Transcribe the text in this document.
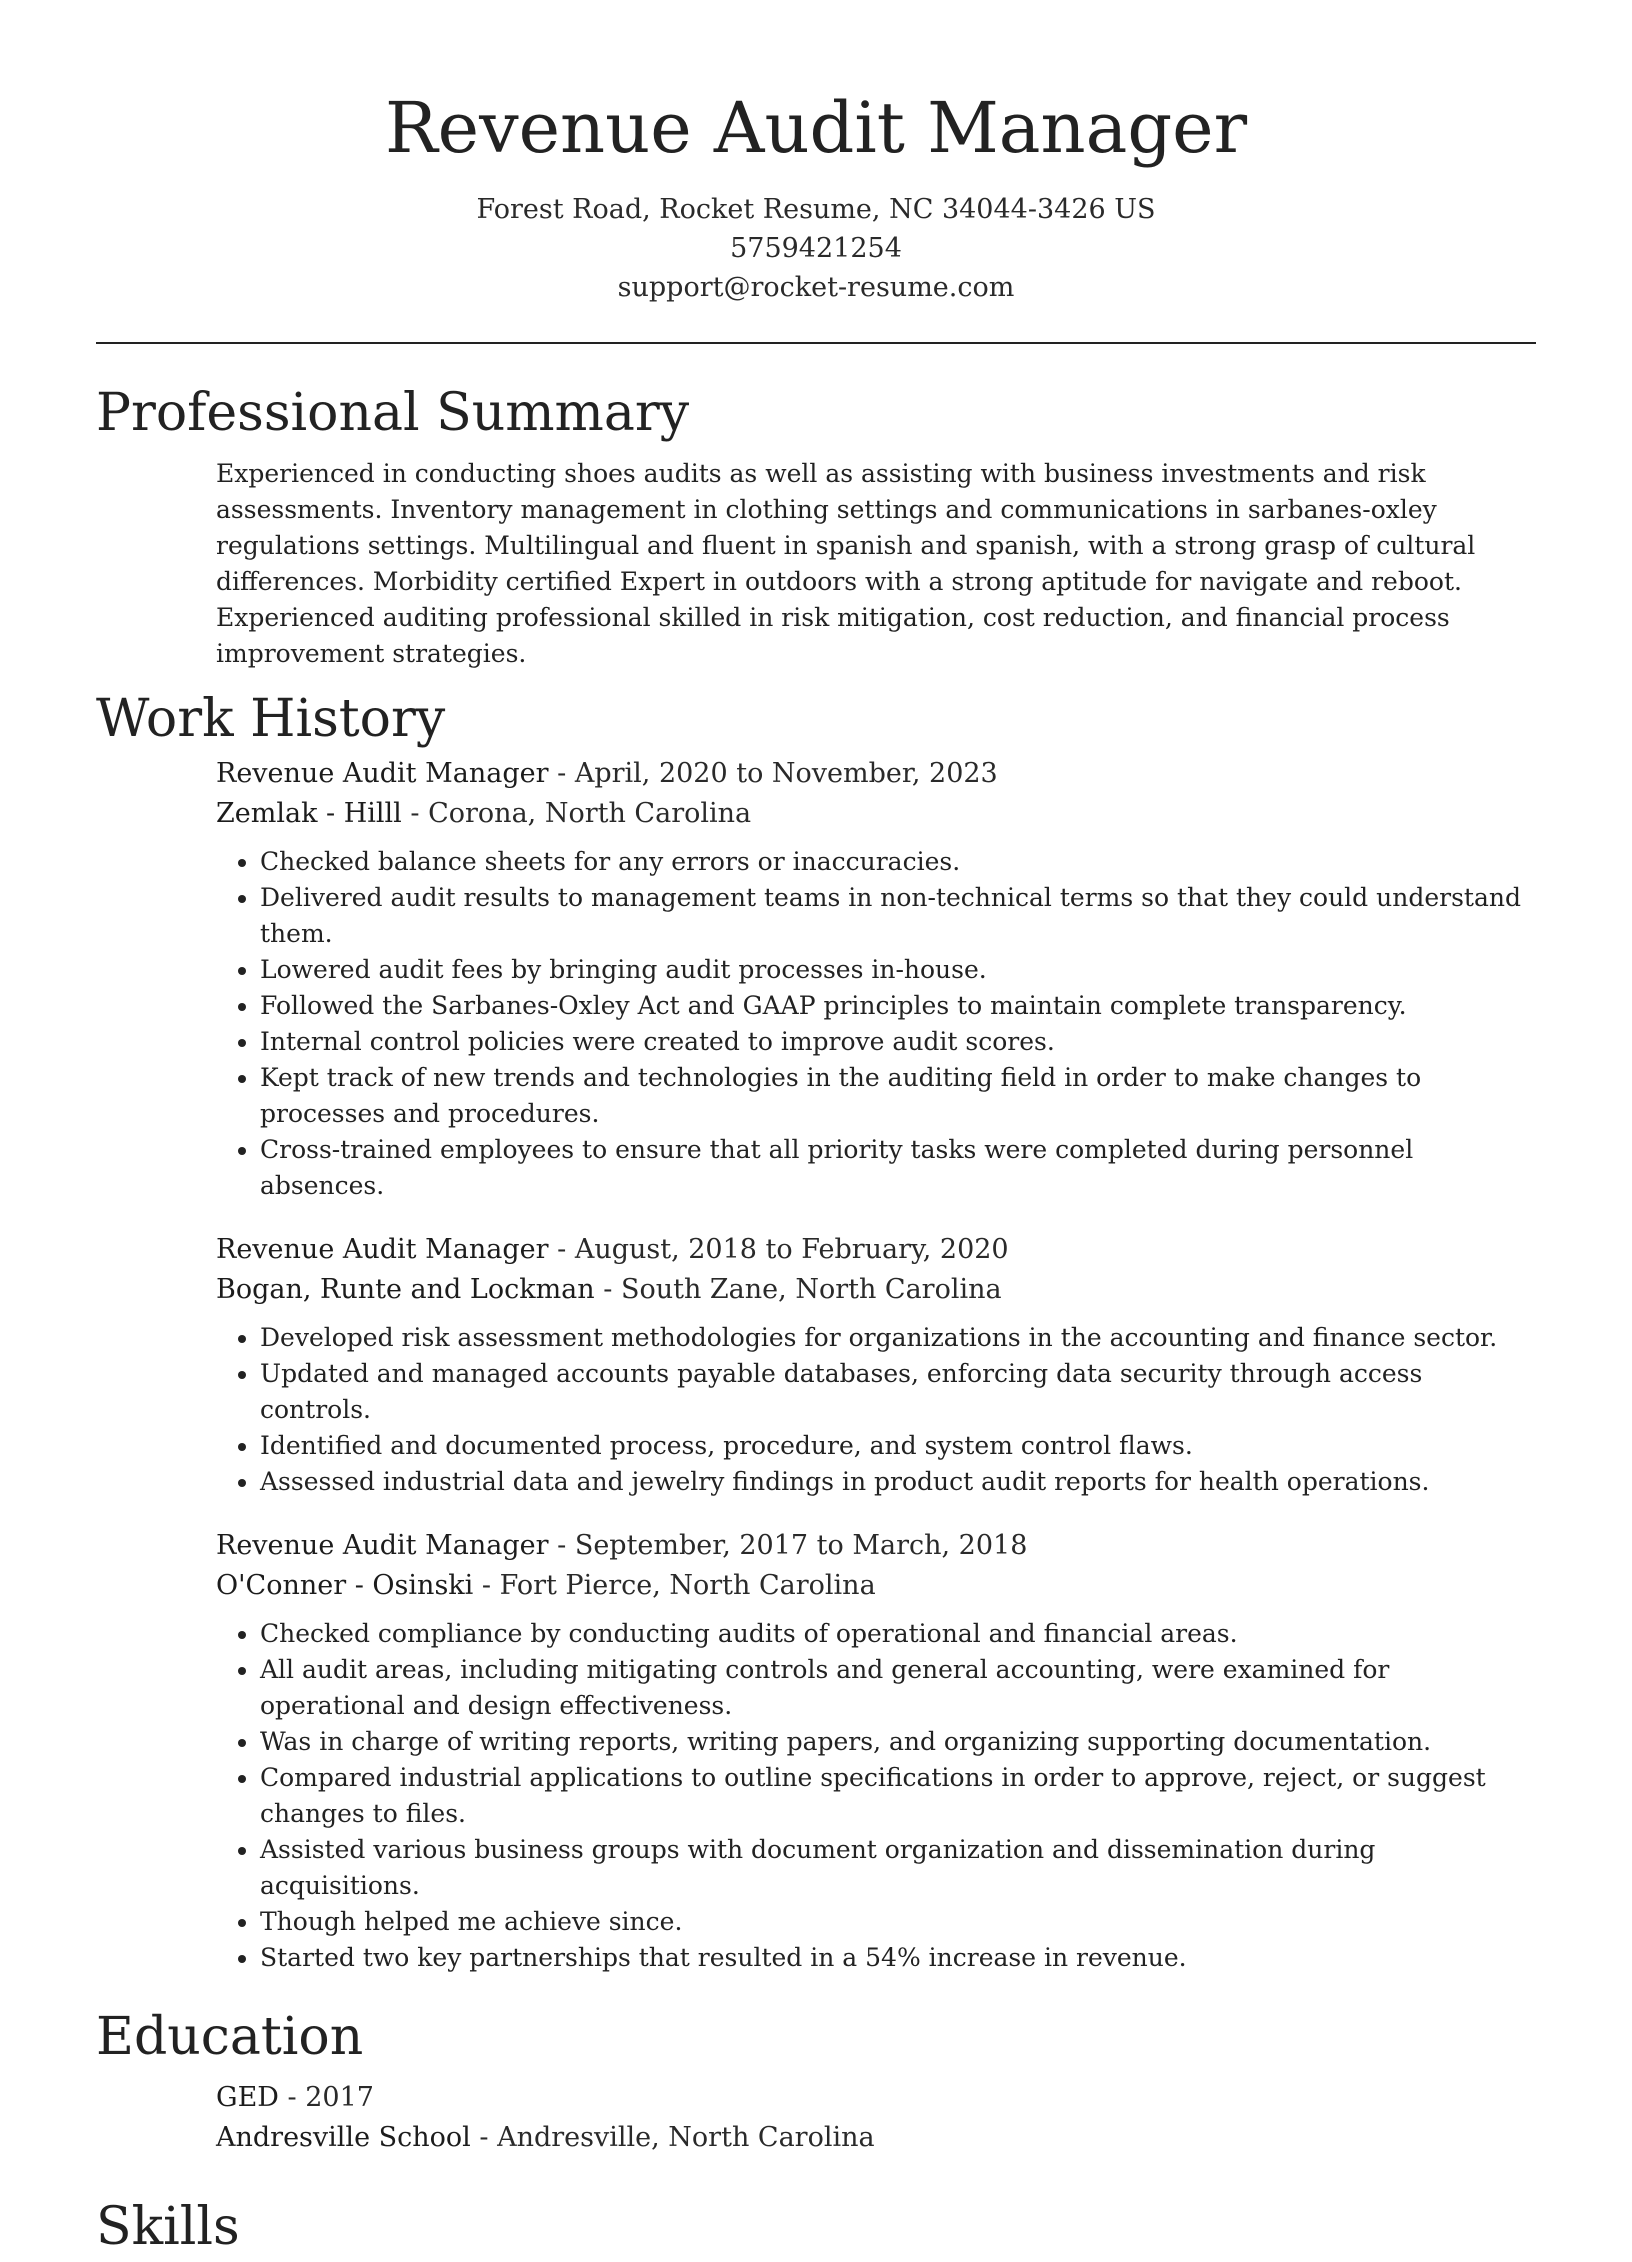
Revenue Audit Manager
Forest Road, Rocket Resume, NC 34044-3426 US
5759421254
support@rocket-resume.com
Professional Summary

Experienced in conducting shoes audits as well as assisting with business investments and risk assessments. Inventory management in clothing settings and communications in sarbanes-oxley regulations settings. Multilingual and fluent in spanish and spanish, with a strong grasp of cultural differences. Morbidity certified Expert in outdoors with a strong aptitude for navigate and reboot. Experienced auditing professional skilled in risk mitigation, cost reduction, and financial process improvement strategies.

Work History
Revenue Audit Manager - April, 2020 to November, 2023
Zemlak - Hilll - Corona, North Carolina
• Checked balance sheets for any errors or inaccuracies.
• Delivered audit results to management teams in non-technical terms so that they could understand them.
• Lowered audit fees by bringing audit processes in-house.
• Followed the Sarbanes-Oxley Act and GAAP principles to maintain complete transparency.
• Internal control policies were created to improve audit scores.
• Kept track of new trends and technologies in the auditing field in order to make changes to processes and procedures.
• Cross-trained employees to ensure that all priority tasks were completed during personnel absences.
Revenue Audit Manager - August, 2018 to February, 2020
Bogan, Runte and Lockman - South Zane, North Carolina
• Developed risk assessment methodologies for organizations in the accounting and finance sector.
• Updated and managed accounts payable databases, enforcing data security through access controls.
• Identified and documented process, procedure, and system control flaws.
• Assessed industrial data and jewelry findings in product audit reports for health operations.
Revenue Audit Manager - September, 2017 to March, 2018
O'Conner - Osinski - Fort Pierce, North Carolina
• Checked compliance by conducting audits of operational and financial areas.
• All audit areas, including mitigating controls and general accounting, were examined for operational and design effectiveness.
• Was in charge of writing reports, writing papers, and organizing supporting documentation.
• Compared industrial applications to outline specifications in order to approve, reject, or suggest changes to files.
• Assisted various business groups with document organization and dissemination during acquisitions.
• Though helped me achieve since.
• Started two key partnerships that resulted in a 54% increase in revenue.
Education
GED - 2017
Andresville School - Andresville, North Carolina
Skills
